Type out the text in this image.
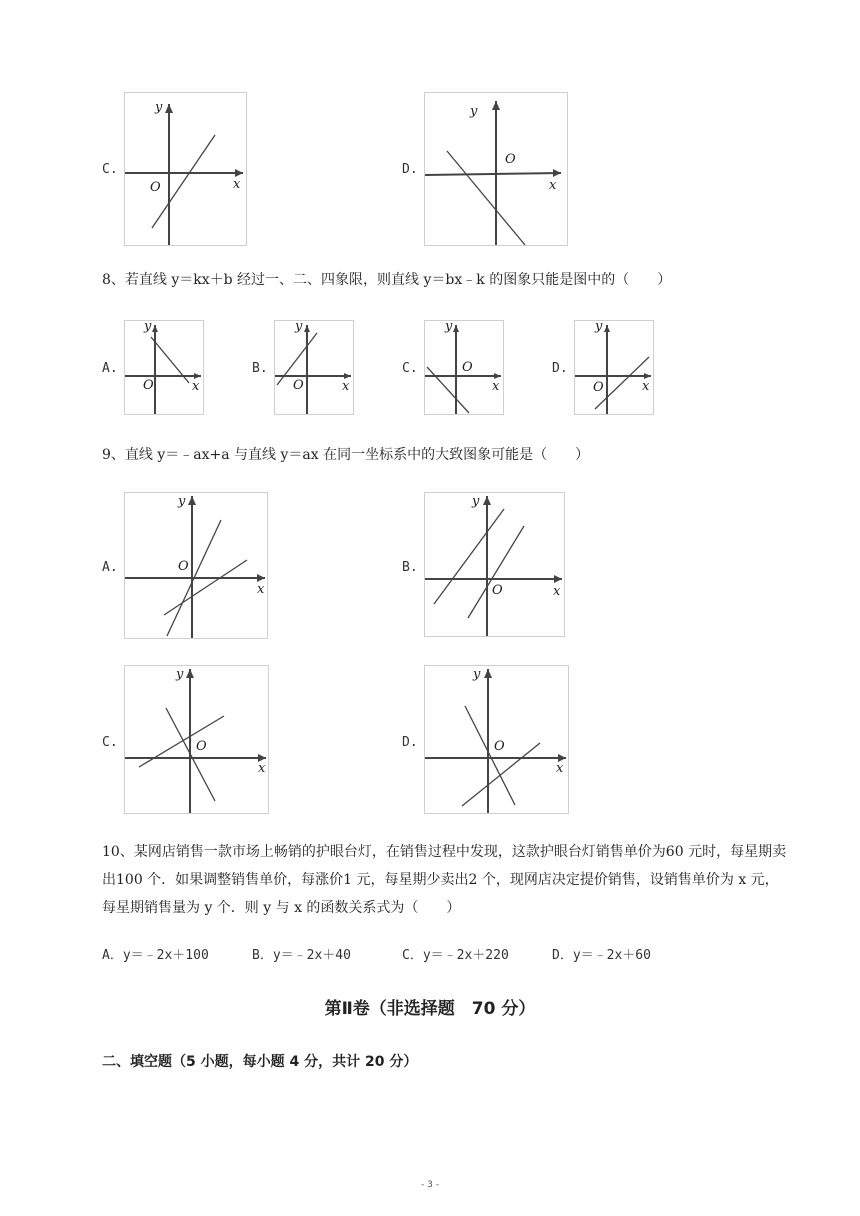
C.
x
y
O
D.
x
y
O
8、若直线 y＝kx＋b 经过一、二、四象限，则直线 y＝bx﹣k 的图象只能是图中的（　　）
A.
x
y
O
B.
x
y
O
C.
x
y
O	D.
x
y
O
9、直线 y＝﹣ax+a 与直线 y＝ax 在同一坐标系中的大致图象可能是（　　）
A.
x
y
O	B.
x
y
O
C.
x
y
O	D.
x
y
O
10、某网店销售一款市场上畅销的护眼台灯，在销售过程中发现，这款护眼台灯销售单价为60 元时，每星期卖出100 个．如果调整销售单价，每涨价1 元，每星期少卖出2 个，现网店决定提价销售，设销售单价为 x 元，每星期销售量为 y 个．则 y 与 x 的函数关系式为（　　）
A．y＝﹣2x＋100	B．y＝﹣2x＋40	C．y＝﹣2x＋220	D．y＝﹣2x＋60
第Ⅱ卷（非选择题　70 分）
二、填空题（5 小题，每小题 4 分，共计 20 分）
- 3 -
